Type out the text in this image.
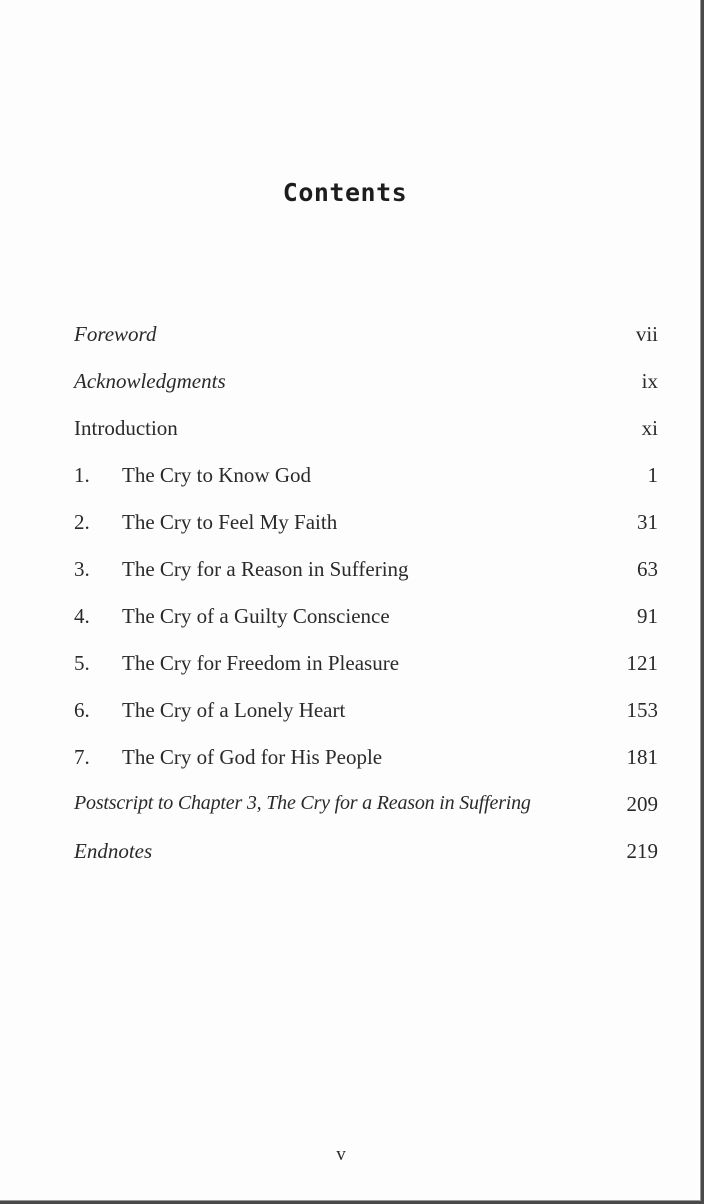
Contents
Foreword	vii
Acknowledgments	ix
Introduction	xi
1.	The Cry to Know God	1
2.	The Cry to Feel My Faith	31
3.	The Cry for a Reason in Suffering	63
4.	The Cry of a Guilty Conscience	91
5.	The Cry for Freedom in Pleasure	121
6.	The Cry of a Lonely Heart	153
7.	The Cry of God for His People	181
Postscript to Chapter 3, The Cry for a Reason in Suffering	209
Endnotes	219
v
